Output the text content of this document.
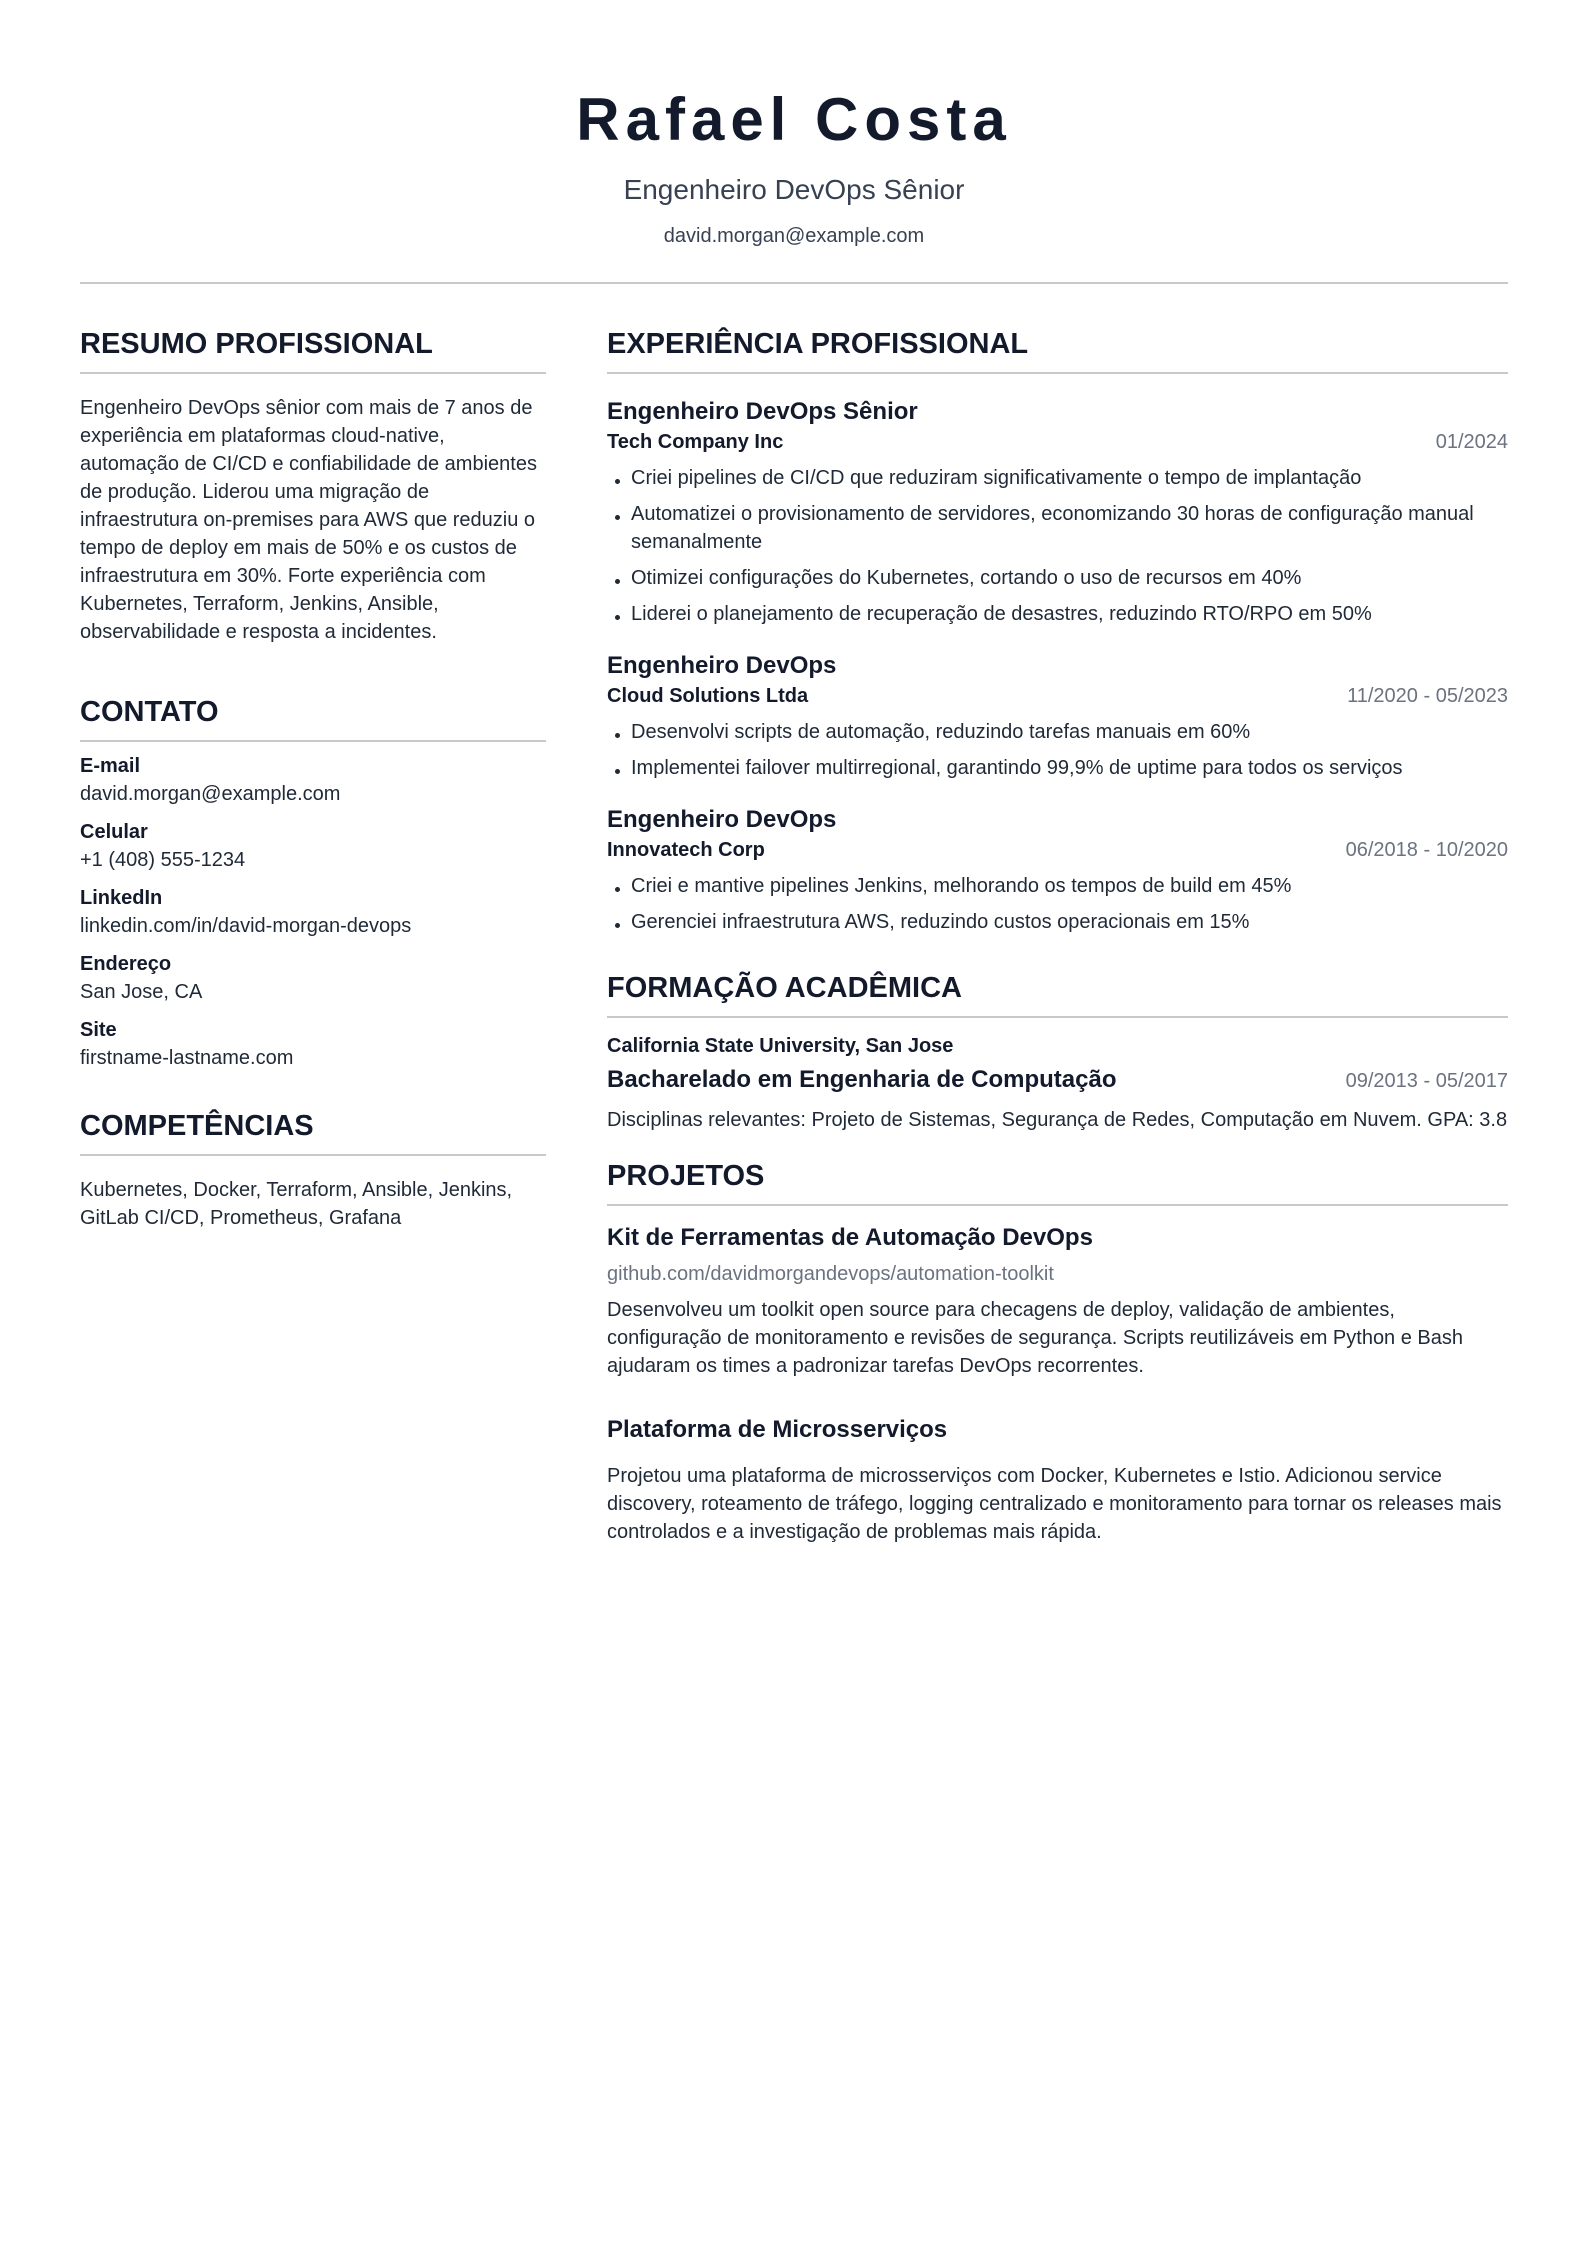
Rafael Costa
Engenheiro DevOps Sênior
david.morgan@example.com
RESUMO PROFISSIONAL
Engenheiro DevOps sênior com mais de 7 anos de experiência em plataformas cloud-native, automação de CI/CD e confiabilidade de ambientes de produção. Liderou uma migração de infraestrutura on-premises para AWS que reduziu o tempo de deploy em mais de 50% e os custos de infraestrutura em 30%. Forte experiência com Kubernetes, Terraform, Jenkins, Ansible, observabilidade e resposta a incidentes.
CONTATO
E-mail
david.morgan@example.com
Celular
+1 (408) 555-1234
LinkedIn
linkedin.com/in/david-morgan-devops
Endereço
San Jose, CA
Site
firstname-lastname.com
COMPETÊNCIAS
Kubernetes, Docker, Terraform, Ansible, Jenkins, GitLab CI/CD, Prometheus, Grafana
EXPERIÊNCIA PROFISSIONAL
Engenheiro DevOps Sênior
Tech Company Inc	01/2024
Criei pipelines de CI/CD que reduziram significativamente o tempo de implantação
Automatizei o provisionamento de servidores, economizando 30 horas de configuração manual semanalmente
Otimizei configurações do Kubernetes, cortando o uso de recursos em 40%
Liderei o planejamento de recuperação de desastres, reduzindo RTO/RPO em 50%
Engenheiro DevOps
Cloud Solutions Ltda	11/2020 - 05/2023
Desenvolvi scripts de automação, reduzindo tarefas manuais em 60%
Implementei failover multirregional, garantindo 99,9% de uptime para todos os serviços
Engenheiro DevOps
Innovatech Corp	06/2018 - 10/2020
Criei e mantive pipelines Jenkins, melhorando os tempos de build em 45%
Gerenciei infraestrutura AWS, reduzindo custos operacionais em 15%
FORMAÇÃO ACADÊMICA
California State University, San Jose
Bacharelado em Engenharia de Computação	09/2013 - 05/2017
Disciplinas relevantes: Projeto de Sistemas, Segurança de Redes, Computação em Nuvem. GPA: 3.8
PROJETOS
Kit de Ferramentas de Automação DevOps
github.com/davidmorgandevops/automation-toolkit
Desenvolveu um toolkit open source para checagens de deploy, validação de ambientes, configuração de monitoramento e revisões de segurança. Scripts reutilizáveis em Python e Bash ajudaram os times a padronizar tarefas DevOps recorrentes.
Plataforma de Microsserviços
Projetou uma plataforma de microsserviços com Docker, Kubernetes e Istio. Adicionou service discovery, roteamento de tráfego, logging centralizado e monitoramento para tornar os releases mais controlados e a investigação de problemas mais rápida.
